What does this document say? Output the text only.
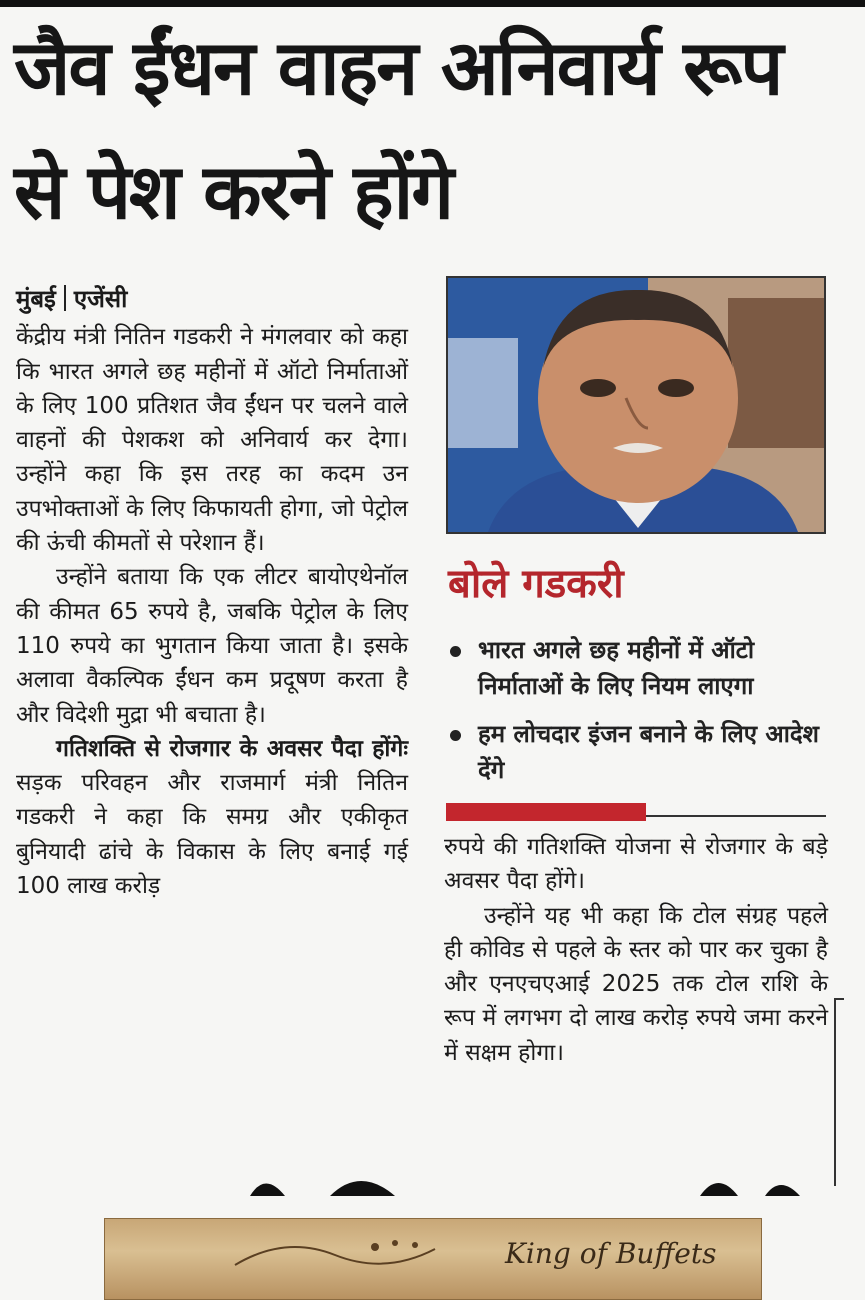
जैव ईंधन वाहन अनिवार्य रूप से पेश करने होंगे
मुंबई एजेंसी

केंद्रीय मंत्री नितिन गडकरी ने मंगलवार को कहा कि भारत अगले छह महीनों में ऑटो निर्माताओं के लिए 100 प्रतिशत जैव ईंधन पर चलने वाले वाहनों की पेशकश को अनिवार्य कर देगा। उन्होंने कहा कि इस तरह का कदम उन उपभोक्ताओं के लिए किफायती होगा, जो पेट्रोल की ऊंची कीमतों से परेशान हैं।

उन्होंने बताया कि एक लीटर बायोएथेनॉल की कीमत 65 रुपये है, जबकि पेट्रोल के लिए 110 रुपये का भुगतान किया जाता है। इसके अलावा वैकल्पिक ईंधन कम प्रदूषण करता है और विदेशी मुद्रा भी बचाता है।

गतिशक्ति से रोजगार के अवसर पैदा होंगेः सड़क परिवहन और राजमार्ग मंत्री नितिन गडकरी ने कहा कि समग्र और एकीकृत बुनियादी ढांचे के विकास के लिए बनाई गई 100 लाख करोड़

बोले गडकरी
भारत अगले छह महीनों में ऑटो निर्माताओं के लिए नियम लाएगा
हम लोचदार इंजन बनाने के लिए आदेश देंगे

रुपये की गतिशक्ति योजना से रोजगार के बड़े अवसर पैदा होंगे।

उन्होंने यह भी कहा कि टोल संग्रह पहले ही कोविड से पहले के स्तर को पार कर चुका है और एनएचएआई 2025 तक टोल राशि के रूप में लगभग दो लाख करोड़ रुपये जमा करने में सक्षम होगा।

King of Buffets
